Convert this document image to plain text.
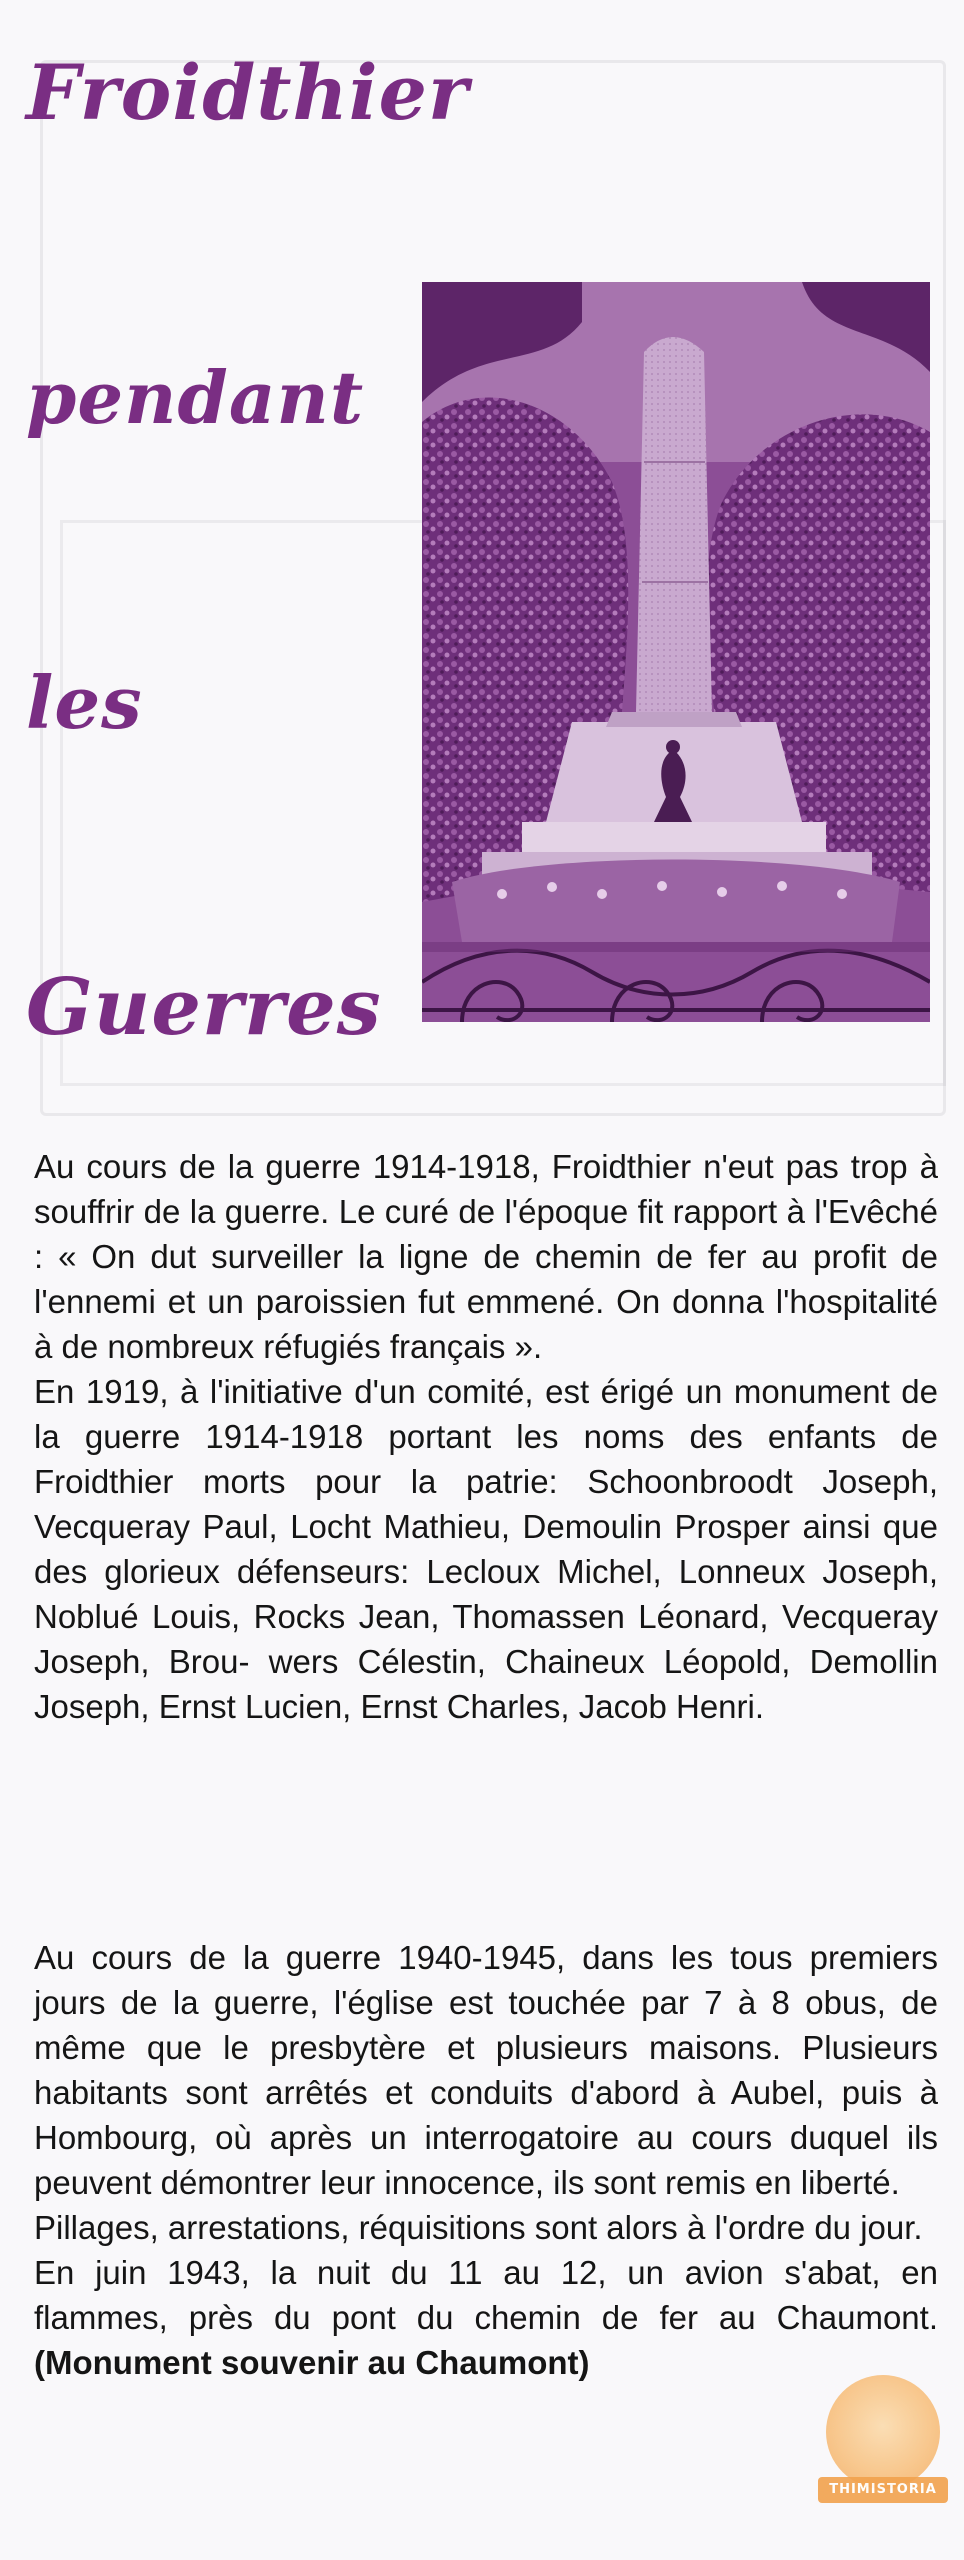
Froidthier
pendant
les
Guerres

Au cours de la guerre 1914-1918, Froidthier n'eut pas trop à souffrir de la guerre. Le curé de l'époque fit rapport à l'Evêché : « On dut surveiller la ligne de chemin de fer au profit de l'ennemi et un paroissien fut emmené. On donna l'hospitalité à de nombreux réfugiés français ».

En 1919, à l'initiative d'un comité, est érigé un monument de la guerre 1914-1918 portant les noms des enfants de Froidthier morts pour la patrie: Schoonbroodt Joseph, Vecqueray Paul, Locht Mathieu, Demoulin Prosper ainsi que des glorieux défenseurs: Lecloux Michel, Lonneux Joseph, Noblué Louis, Rocks Jean, Thomassen Léonard, Vecqueray Joseph, Brou- wers Célestin, Chaineux Léopold, Demollin Joseph, Ernst Lucien, Ernst Charles, Jacob Henri.

Au cours de la guerre 1940-1945, dans les tous premiers jours de la guerre, l'église est touchée par 7 à 8 obus, de même que le presbytère et plusieurs maisons. Plusieurs habitants sont arrêtés et conduits d'abord à Aubel, puis à Hombourg, où après un interrogatoire au cours duquel ils peuvent démontrer leur innocence, ils sont remis en liberté.

Pillages, arrestations, réquisitions sont alors à l'ordre du jour.

En juin 1943, la nuit du 11 au 12, un avion s'abat, en flammes, près du pont du chemin de fer au Chaumont.(Monument souvenir au Chaumont)

THIMISTORIA
